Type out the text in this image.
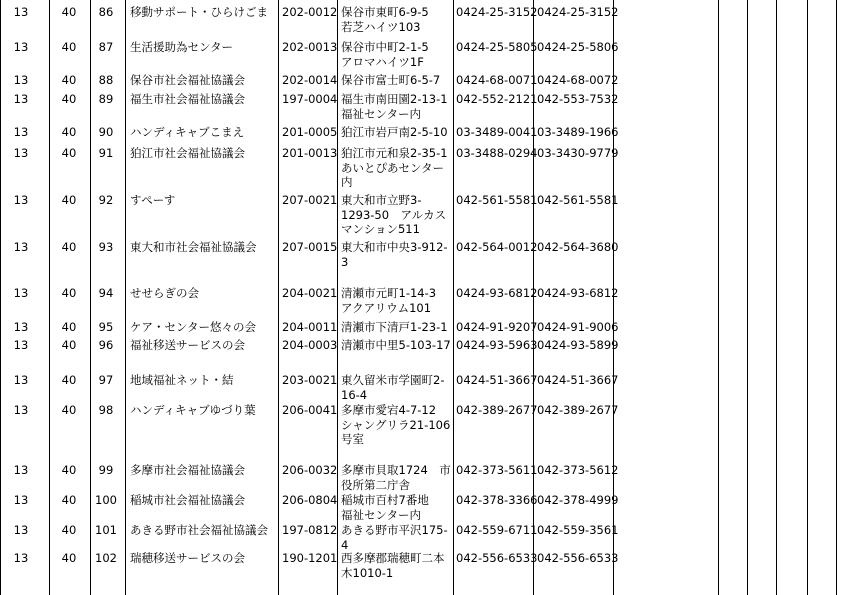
13	40	86	移動サポート・ひらけごま 202-0012 保谷市東町6-9-5
若芝ハイツ103
0424-25-3152 0424-25-3152
13	40	87	生活援助為センター	202-0013 保谷市中町2-1-5
アロマハイツ1F
0424-25-5805 0424-25-5806
13	40	88	保谷市社会福祉協議会	202-0014 保谷市富士町6-5-7	0424-68-0071 0424-68-0072
13	40	89	福生市社会福祉協議会	197-0004 福生市南田園2-13-1
福祉センター内
042-552-2121 042-553-7532
13	40	90	ハンディキャブこまえ	201-0005 狛江市岩戸南2-5-10 03-3489-0041 03-3489-1966
13	40	91	狛江市社会福祉協議会	201-0013 狛江市元和泉2-35-1
あいとぴあセンター
内
03-3488-0294 03-3430-9779
13	40	92	すぺーす	207-0021 東大和市立野3-
1293-50　アルカス
マンション511
042-561-5581 042-561-5581
13	40	93	東大和市社会福祉協議会 207-0015 東大和市中央3-912-
3
042-564-0012 042-564-3680
13	40	94	せせらぎの会	204-0021 清瀬市元町1-14-3
アクアリウム101
0424-93-6812 0424-93-6812
13	40	95	ケア・センター悠々の会 204-0011 清瀬市下清戸1-23-1 0424-91-9207 0424-91-9006
13	40	96	福祉移送サービスの会	204-0003 清瀬市中里5-103-17 0424-93-5963 0424-93-5899
13	40	97	地域福祉ネット・結	203-0021 東久留米市学園町2-
16-4
0424-51-3667 0424-51-3667
13	40	98	ハンディキャブゆづり葉 206-0041 多摩市愛宕4-7-12
シャングリラ21-106
号室
042-389-2677 042-389-2677
13	40	99	多摩市社会福祉協議会	206-0032 多摩市貝取1724　市
役所第二庁舎
042-373-5611 042-373-5612
13	40	100 稲城市社会福祉協議会	206-0804 稲城市百村7番地
福祉センター内
042-378-3366 042-378-4999
13	40	101 あきる野市社会福祉協議会 197-0812 あきる野市平沢175-
4
042-559-6711 042-559-3561
13	40	102 瑞穂移送サービスの会	190-1201 西多摩郡瑞穂町二本
木1010-1
042-556-6533 042-556-6533
